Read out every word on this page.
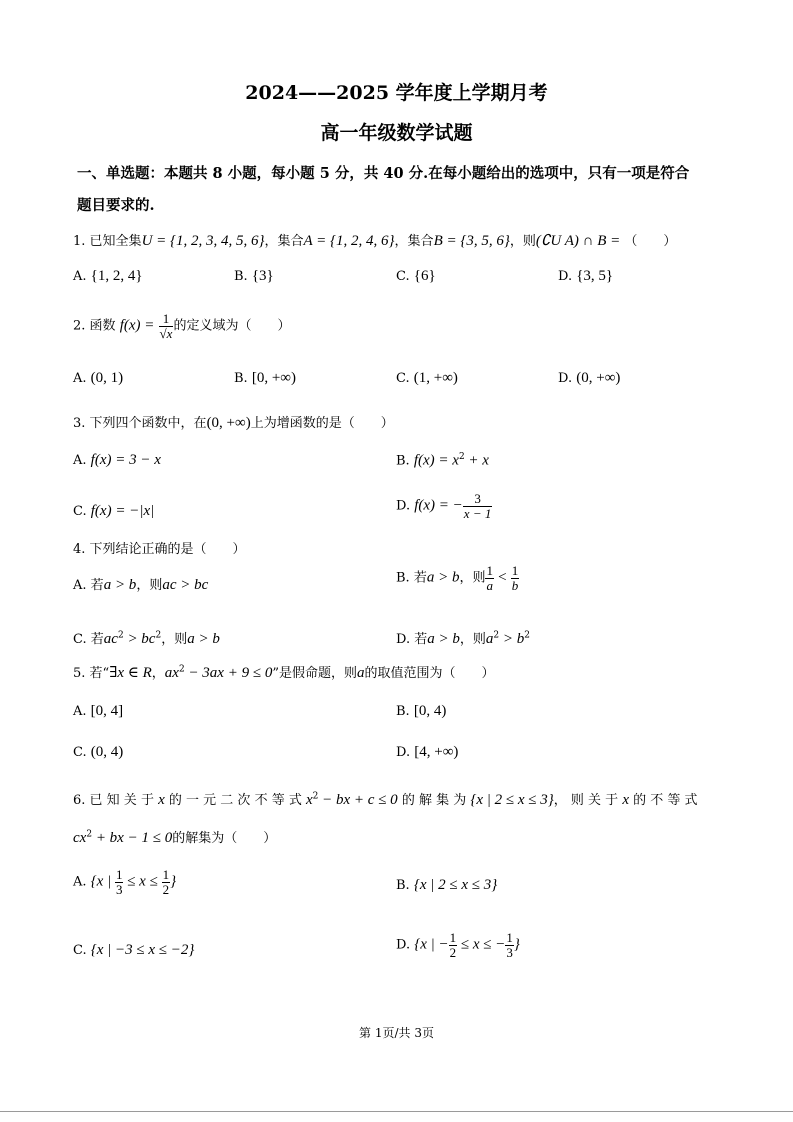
2024——2025 学年度上学期月考
高一年级数学试题
一、单选题：本题共 8 小题，每小题 5 分，共 40 分.在每小题给出的选项中，只有一项是符合
题目要求的.
1. 已知全集U = {1, 2, 3, 4, 5, 6}，集合A = {1, 2, 4, 6}，集合B = {3, 5, 6}，则(∁U A) ∩ B = （　　）
A. {1, 2, 4}	B. {3}	C. {6}	D. {3, 5}
2. 函数 $f(x) = \frac{1}{√x}$ 的定义域为（　　）
A. (0, 1)	B. [0, +∞)	C. (1, +∞)	D. (0, +∞)
3. 下列四个函数中，在(0, +∞)上为增函数的是（　　）
A. f(x) = 3 − x	B. $f(x) = x^2 + x$
C. f(x) = −|x|	D. f(x) = − $\frac{3}{x - 1}$
4. 下列结论正确的是（　　）
A. 若a > b，则ac > bc	B. 若a > b，则 $\frac{1}{a} < \frac{1}{b}$
C. 若$ac^2 > bc^2$，则a > b	D. 若a > b，则$a^2 > b^2$
5. 若“∃x ∈ R，$ax^2 - 3ax + 9 \le 0$”是假命题，则a的取值范围为（　　）
A. [0, 4]	B. [0, 4)
C. (0, 4)	D. [4, +∞)
6. 已 知 关 于 x 的 一 元 二 次 不 等 式 $x^2$ − bx + c ≤ 0 的 解 集 为 {x | 2 ≤ x ≤ 3}， 则 关 于 x 的 不 等 式
$cx^2$ + bx − 1 ≤ 0的解集为（　　）
A. {x | $\frac{1}{3} \le x \le \frac{1}{2}$ }	B. {x | 2 ≤ x ≤ 3}
C. {x | −3 ≤ x ≤ −2}	D. {x | − $\frac{1}{2} \le x$ ≤ − $\frac{1}{3}$ }
第 1页/共 3页
